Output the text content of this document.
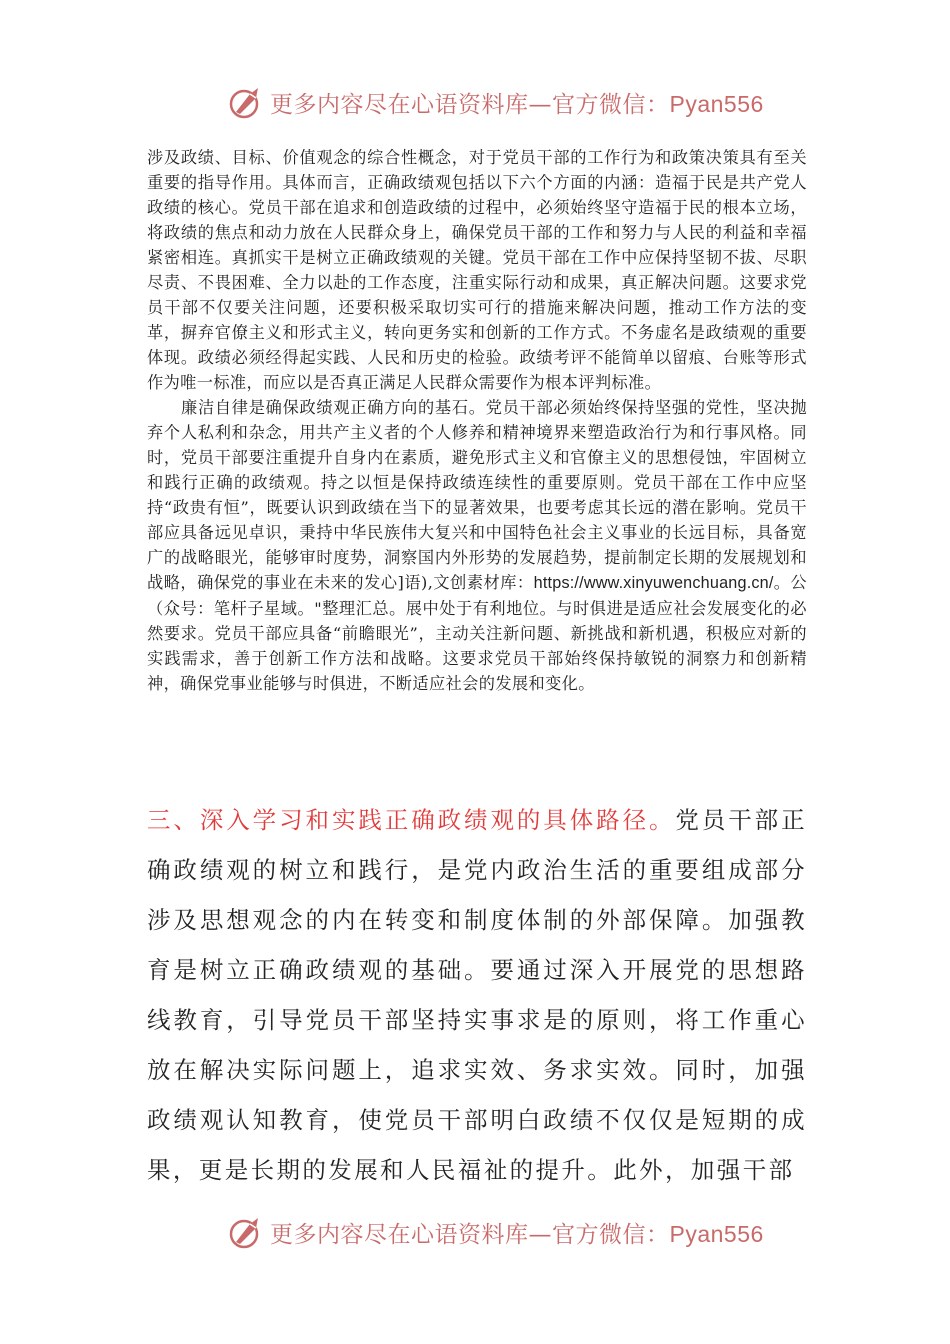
更多内容尽在心语资料库—官方微信：Pyan556

涉及政绩、目标、价值观念的综合性概念，对于党员干部的工作行为和政策决策具有至关重要的指导作用。具体而言，正确政绩观包括以下六个方面的内涵：造福于民是共产党人政绩的核心。党员干部在追求和创造政绩的过程中，必须始终坚守造福于民的根本立场，将政绩的焦点和动力放在人民群众身上，确保党员干部的工作和努力与人民的利益和幸福紧密相连。真抓实干是树立正确政绩观的关键。党员干部在工作中应保持坚韧不拔、尽职尽责、不畏困难、全力以赴的工作态度，注重实际行动和成果，真正解决问题。这要求党员干部不仅要关注问题，还要积极采取切实可行的措施来解决问题，推动工作方法的变革，摒弃官僚主义和形式主义，转向更务实和创新的工作方式。不务虚名是政绩观的重要体现。政绩必须经得起实践、人民和历史的检验。政绩考评不能简单以留痕、台账等形式作为唯一标准，而应以是否真正满足人民群众需要作为根本评判标准。

廉洁自律是确保政绩观正确方向的基石。党员干部必须始终保持坚强的党性，坚决抛弃个人私利和杂念，用共产主义者的个人修养和精神境界来塑造政治行为和行事风格。同时，党员干部要注重提升自身内在素质，避免形式主义和官僚主义的思想侵蚀，牢固树立和践行正确的政绩观。持之以恒是保持政绩连续性的重要原则。党员干部在工作中应坚持“政贵有恒”，既要认识到政绩在当下的显著效果，也要考虑其长远的潜在影响。党员干部应具备远见卓识，秉持中华民族伟大复兴和中国特色社会主义事业的长远目标，具备宽广的战略眼光，能够审时度势，洞察国内外形势的发展趋势，提前制定长期的发展规划和战略，确保党的事业在未来的发心]语),文创素材库：https://www.xinyuwenchuang.cn/。公（众号：笔杆子星域。"整理汇总。展中处于有利地位。与时俱进是适应社会发展变化的必然要求。党员干部应具备“前瞻眼光”，主动关注新问题、新挑战和新机遇，积极应对新的实践需求，善于创新工作方法和战略。这要求党员干部始终保持敏锐的洞察力和创新精神，确保党事业能够与时俱进，不断适应社会的发展和变化。

三、深入学习和实践正确政绩观的具体路径。党员干部正确政绩观的树立和践行，是党内政治生活的重要组成部分涉及思想观念的内在转变和制度体制的外部保障。加强教育是树立正确政绩观的基础。要通过深入开展党的思想路线教育，引导党员干部坚持实事求是的原则，将工作重心放在解决实际问题上，追求实效、务求实效。同时，加强政绩观认知教育，使党员干部明白政绩不仅仅是短期的成果，更是长期的发展和人民福祉的提升。此外，加强干部

更多内容尽在心语资料库—官方微信：Pyan556
